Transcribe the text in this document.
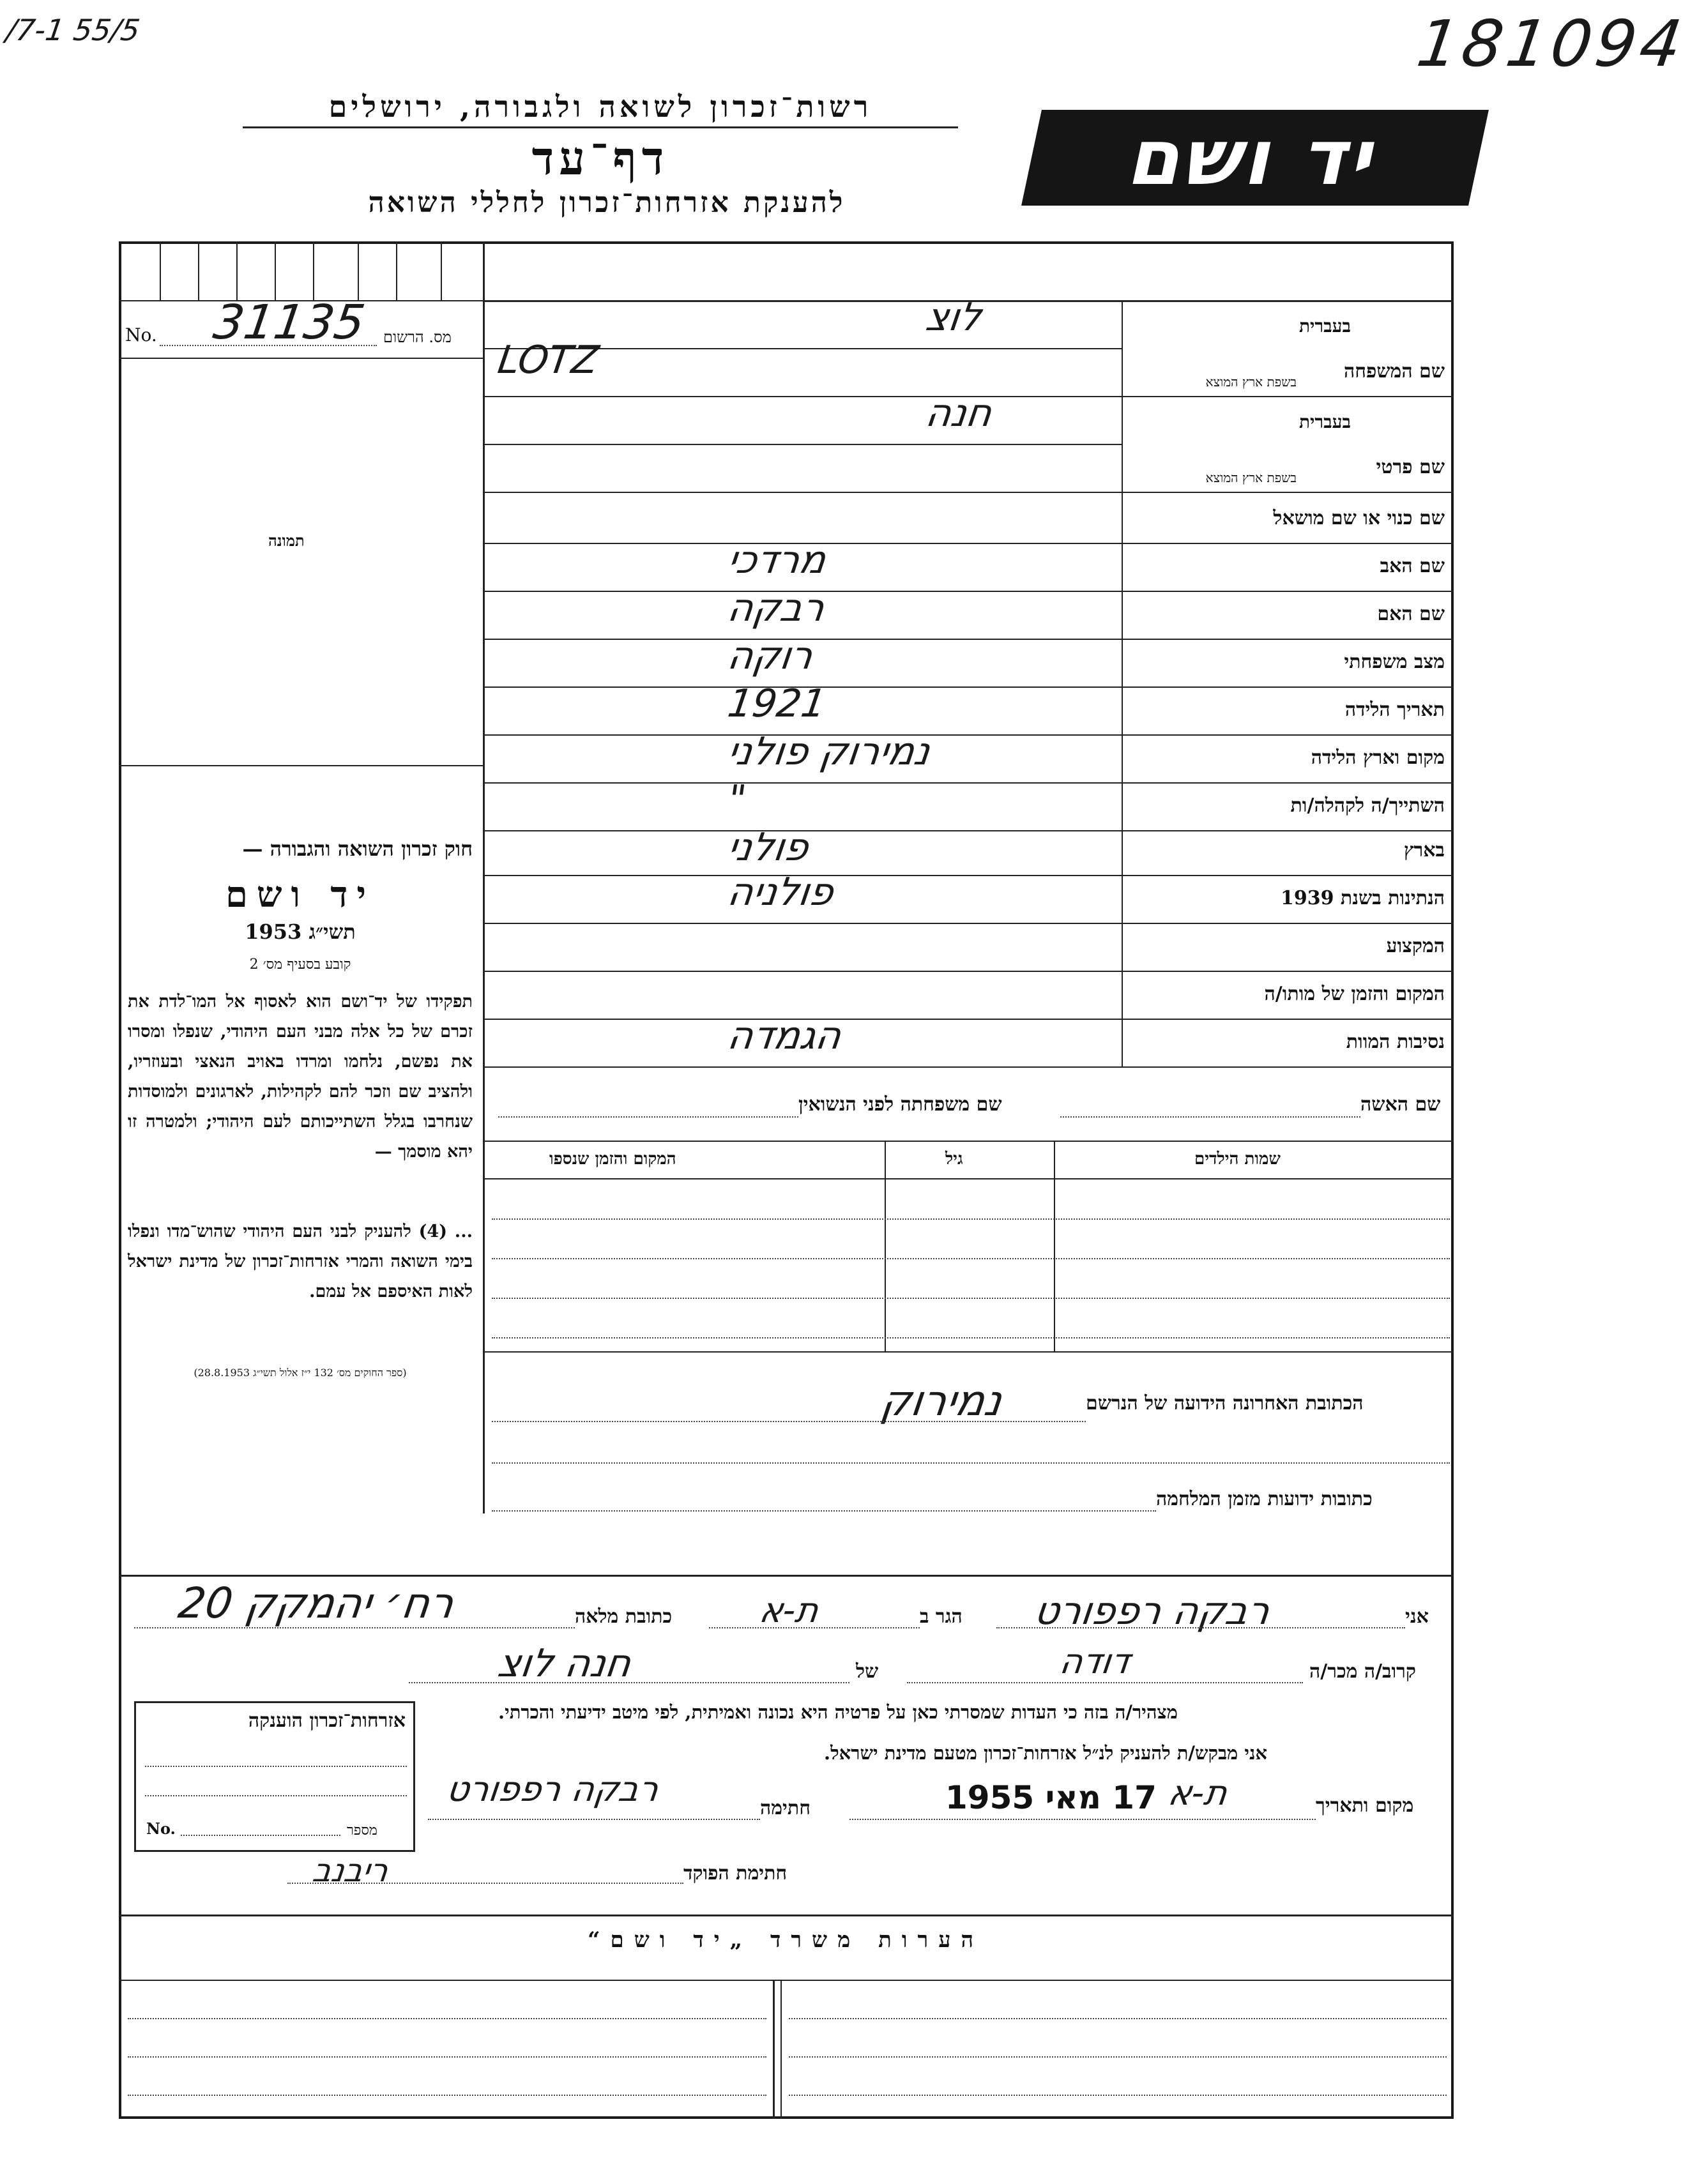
/7-1 55/5	181094
רשות־זכרון לשואה ולגבורה, ירושלים
דף־עד
להענקת אזרחות־זכרון לחללי השואה
יד ושם
No. 31135 מס. הרשום
תמונה
חוק זכרון השואה והגבורה —
יד ושם
תשי״ג 1953
קובע בסעיף מס׳ 2
תפקידו של יד־ושם הוא לאסוף אל המו־לדת את זכרם של כל אלה מבני העם היהודי, שנפלו ומסרו את נפשם, נלחמו ומרדו באויב הנאצי ובעוזריו, ולהציב שם וזכר להם לקהילות, לארגונים ולמוסדות שנחרבו בגלל השתייכותם לעם היהודי; ולמטרה זו יהא מוסמך —
... (4) להעניק לבני העם היהודי שהוש־מדו ונפלו בימי השואה והמרי אזרחות־זכרון של מדינת ישראל לאות האיספם אל עמם.
(ספר החוקים מס׳ 132 י״ז אלול תשי״ג 28.8.1953)
שם המשפחה
בעברית
בשפת ארץ המוצא
לוצ
LOTZ
שם פרטי
בעברית
בשפת ארץ המוצא
חנה
שם כנוי או שם מושאל
שם האב
מרדכי
שם האם
רבקה
מצב משפחתי
רוקה
תאריך הלידה
1921
מקום וארץ הלידה
נמירוק פולני
השתייך/ה לקהלה/ות
"
בארץ
פולני
הנתינות בשנת 1939
פולניה
המקצוע
המקום והזמן של מותו/ה
נסיבות המוות
הגמדה
שם האשה
שם משפחתה לפני הנשואין
שמות הילדים
גיל
המקום והזמן שנספו
הכתובת האחרונה הידועה של הנרשם
נמירוק
כתובות ידועות מזמן המלחמה
אני
רבקה רפפורט
הגר ב
ת-א
כתובת מלאה
רח׳ יהמקק 20
קרוב/ה מכר/ה
דודה
של
חנה לוצ
מצהיר/ה בזה כי העדות שמסרתי כאן על פרטיה היא נכונה ואמיתית, לפי מיטב ידיעתי והכרתי.
אני מבקש/ת להעניק לנ״ל אזרחות־זכרון מטעם מדינת ישראל.
מקום ותאריך
ת-א
17 מאי 1955
חתימה
רבקה רפפורט
חתימת הפוקד
ריבנב
אזרחות־זכרון הוענקה
No.	מספר
הערות משרד „יד ושם“
